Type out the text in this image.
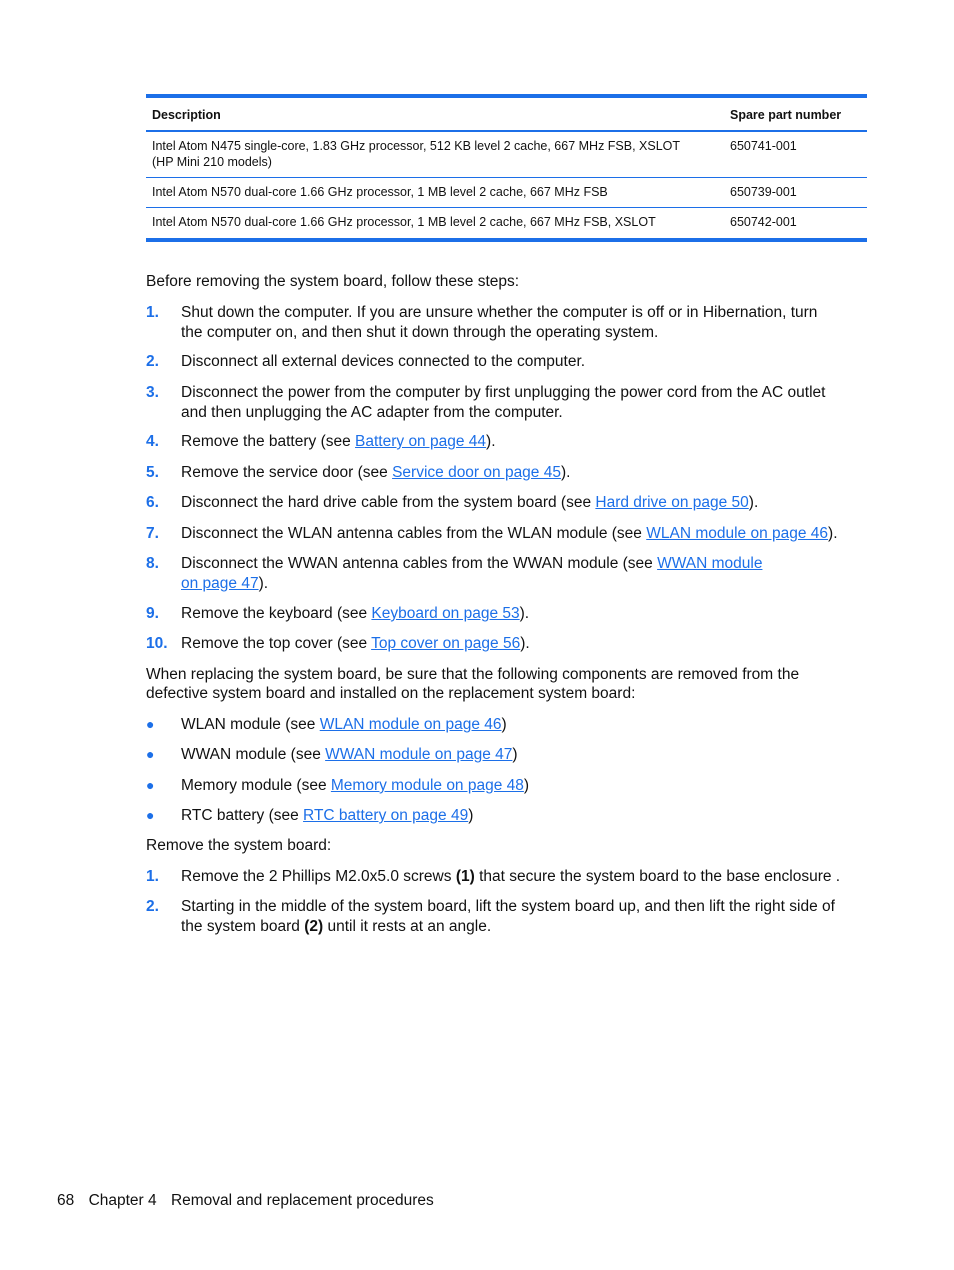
Description	Spare part number
Intel Atom N475 single-core, 1.83 GHz processor, 512 KB level 2 cache, 667 MHz FSB, XSLOT
(HP Mini 210 models)	650741-001
Intel Atom N570 dual-core 1.66 GHz processor, 1 MB level 2 cache, 667 MHz FSB	650739-001
Intel Atom N570 dual-core 1.66 GHz processor, 1 MB level 2 cache, 667 MHz FSB, XSLOT	650742-001

Before removing the system board, follow these steps:

1. Shut down the computer. If you are unsure whether the computer is off or in Hibernation, turn
the computer on, and then shut it down through the operating system.
2. Disconnect all external devices connected to the computer.
3. Disconnect the power from the computer by first unplugging the power cord from the AC outlet
and then unplugging the AC adapter from the computer.
4. Remove the battery (see Battery on page 44).
5. Remove the service door (see Service door on page 45).
6. Disconnect the hard drive cable from the system board (see Hard drive on page 50).
7. Disconnect the WLAN antenna cables from the WLAN module (see WLAN module on page 46).
8. Disconnect the WWAN antenna cables from the WWAN module (see WWAN module
on page 47).
9. Remove the keyboard (see Keyboard on page 53).
10. Remove the top cover (see Top cover on page 56).

When replacing the system board, be sure that the following components are removed from the
defective system board and installed on the replacement system board:

● WLAN module (see WLAN module on page 46)
● WWAN module (see WWAN module on page 47)
● Memory module (see Memory module on page 48)
● RTC battery (see RTC battery on page 49)

Remove the system board:

1. Remove the 2 Phillips M2.0x5.0 screws (1) that secure the system board to the base enclosure .
2. Starting in the middle of the system board, lift the system board up, and then lift the right side of
the system board (2) until it rests at an angle.
68 Chapter 4 Removal and replacement procedures
